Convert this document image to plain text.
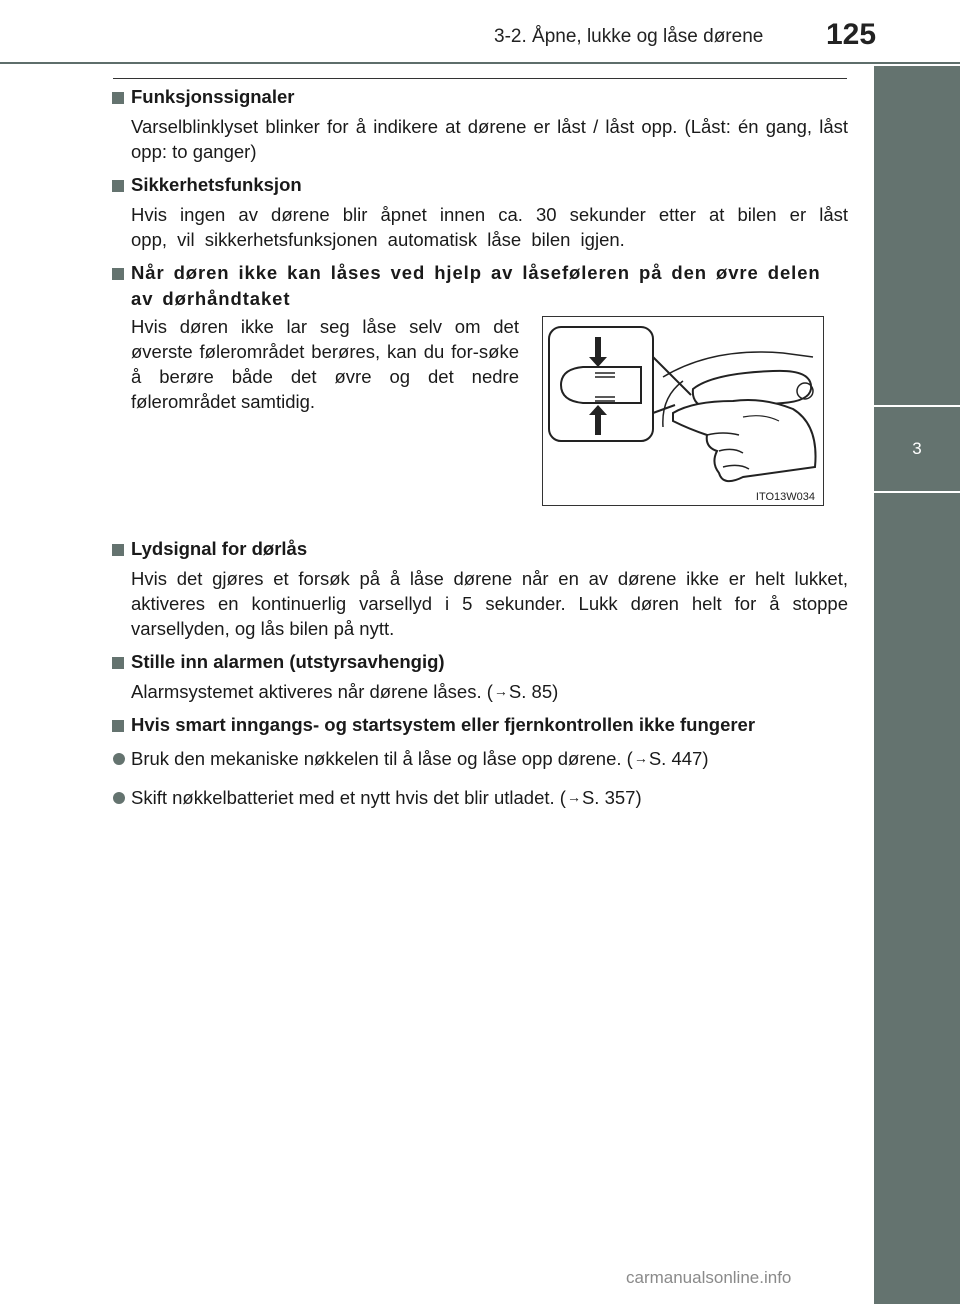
3-2. Åpne, lukke og låse dørene	125
3
Bruk av komponentene

Funksjonssignaler

Varselblinklyset blinker for å indikere at dørene er låst / låst opp. (Låst: én gang, låst opp: to ganger)

Sikkerhetsfunksjon

Hvis ingen av dørene blir åpnet innen ca. 30 sekunder etter at bilen er låst opp, vil sikkerhetsfunksjonen automatisk låse bilen igjen.

Når døren ikke kan låses ved hjelp av låseføleren på den øvre delen av dørhåndtaket

Hvis døren ikke lar seg låse selv om det øverste følerområdet berøres, kan du for-søke å berøre både det øvre og det nedre følerområdet samtidig.
ITO13W034

Lydsignal for dørlås

Hvis det gjøres et forsøk på å låse dørene når en av dørene ikke er helt lukket, aktiveres en kontinuerlig varsellyd i 5 sekunder. Lukk døren helt for å stoppe varsellyden, og lås bilen på nytt.

Stille inn alarmen (utstyrsavhengig)

Alarmsystemet aktiveres når dørene låses. (→S. 85)

Hvis smart inngangs- og startsystem eller fjernkontrollen ikke fungerer

Bruk den mekaniske nøkkelen til å låse og låse opp dørene. (→S. 447)
Skift nøkkelbatteriet med et nytt hvis det blir utladet. (→S. 357)
carmanualsonline.info
